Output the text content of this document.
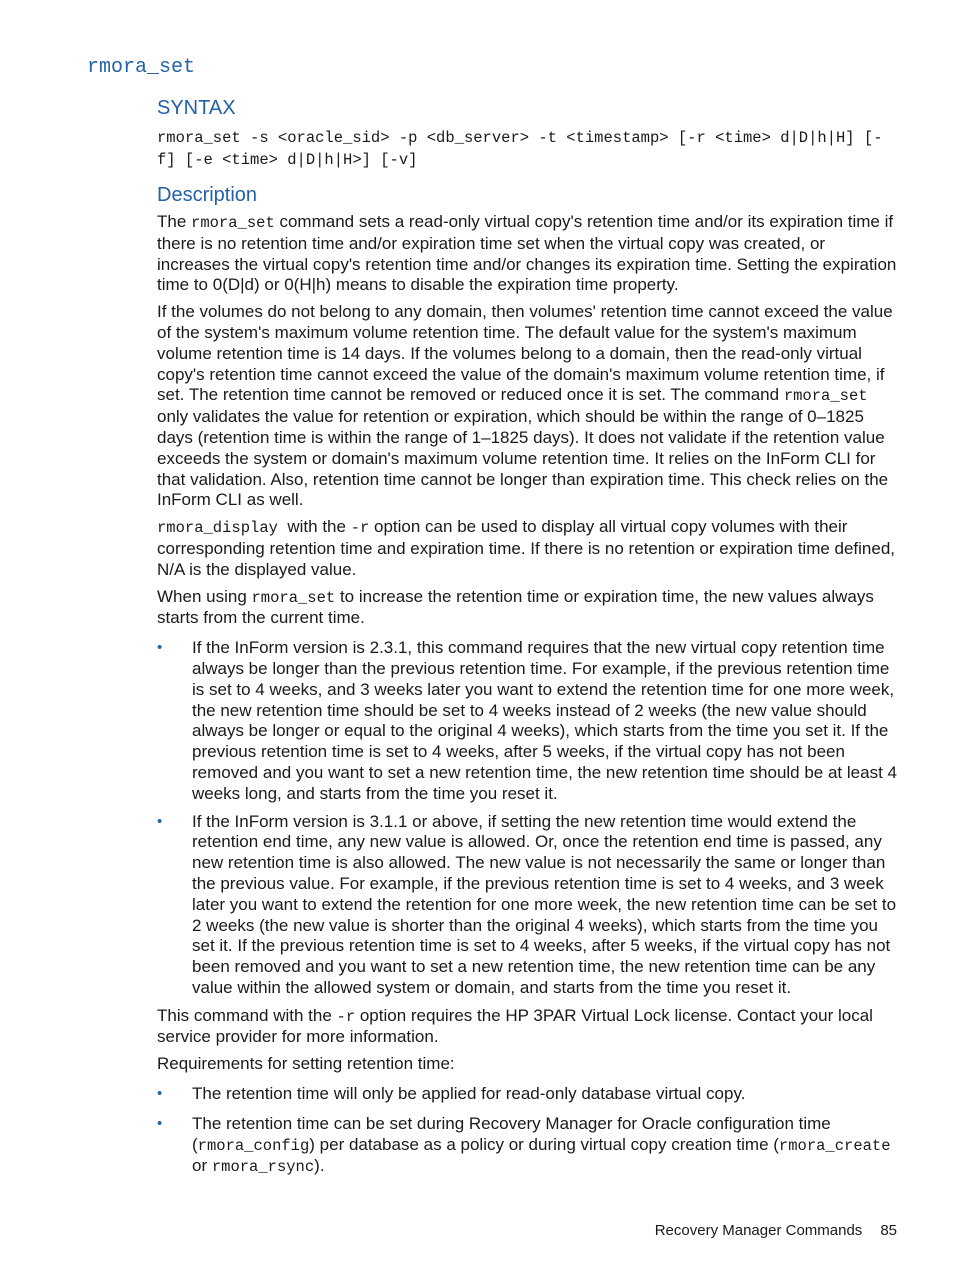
rmora_set
SYNTAX
rmora_set -s <oracle_sid> -p <db_server> -t <timestamp> [-r <time> d|D|h|H] [-f] [-e <time> d|D|h|H>] [-v]
Description

The rmora_set command sets a read-only virtual copy's retention time and/or its expiration time if there is no retention time and/or expiration time set when the virtual copy was created, or increases the virtual copy's retention time and/or changes its expiration time. Setting the expiration time to 0(D|d) or 0(H|h) means to disable the expiration time property.

If the volumes do not belong to any domain, then volumes' retention time cannot exceed the value of the system's maximum volume retention time. The default value for the system's maximum volume retention time is 14 days. If the volumes belong to a domain, then the read-only virtual copy's retention time cannot exceed the value of the domain's maximum volume retention time, if set. The retention time cannot be removed or reduced once it is set. The command rmora_set only validates the value for retention or expiration, which should be within the range of 0–1825 days (retention time is within the range of 1–1825 days). It does not validate if the retention value exceeds the system or domain's maximum volume retention time. It relies on the InForm CLI for that validation. Also, retention time cannot be longer than expiration time. This check relies on the InForm CLI as well.

rmora_display  with the -r option can be used to display all virtual copy volumes with their corresponding retention time and expiration time. If there is no retention or expiration time defined, N/A is the displayed value.

When using rmora_set to increase the retention time or expiration time, the new values always starts from the current time.

• If the InForm version is 2.3.1, this command requires that the new virtual copy retention time always be longer than the previous retention time. For example, if the previous retention time is set to 4 weeks, and 3 weeks later you want to extend the retention time for one more week, the new retention time should be set to 4 weeks instead of 2 weeks (the new value should always be longer or equal to the original 4 weeks), which starts from the time you set it. If the previous retention time is set to 4 weeks, after 5 weeks, if the virtual copy has not been removed and you want to set a new retention time, the new retention time should be at least 4 weeks long, and starts from the time you reset it.
• If the InForm version is 3.1.1 or above, if setting the new retention time would extend the retention end time, any new value is allowed. Or, once the retention end time is passed, any new retention time is also allowed. The new value is not necessarily the same or longer than the previous value. For example, if the previous retention time is set to 4 weeks, and 3 week later you want to extend the retention for one more week, the new retention time can be set to 2 weeks (the new value is shorter than the original 4 weeks), which starts from the time you set it. If the previous retention time is set to 4 weeks, after 5 weeks, if the virtual copy has not been removed and you want to set a new retention time, the new retention time can be any value within the allowed system or domain, and starts from the time you reset it.

This command with the -r option requires the HP 3PAR Virtual Lock license. Contact your local service provider for more information.

Requirements for setting retention time:

• The retention time will only be applied for read-only database virtual copy.
• The retention time can be set during Recovery Manager for Oracle configuration time (rmora_config) per database as a policy or during virtual copy creation time (rmora_create or rmora_rsync).
Recovery Manager Commands 85
